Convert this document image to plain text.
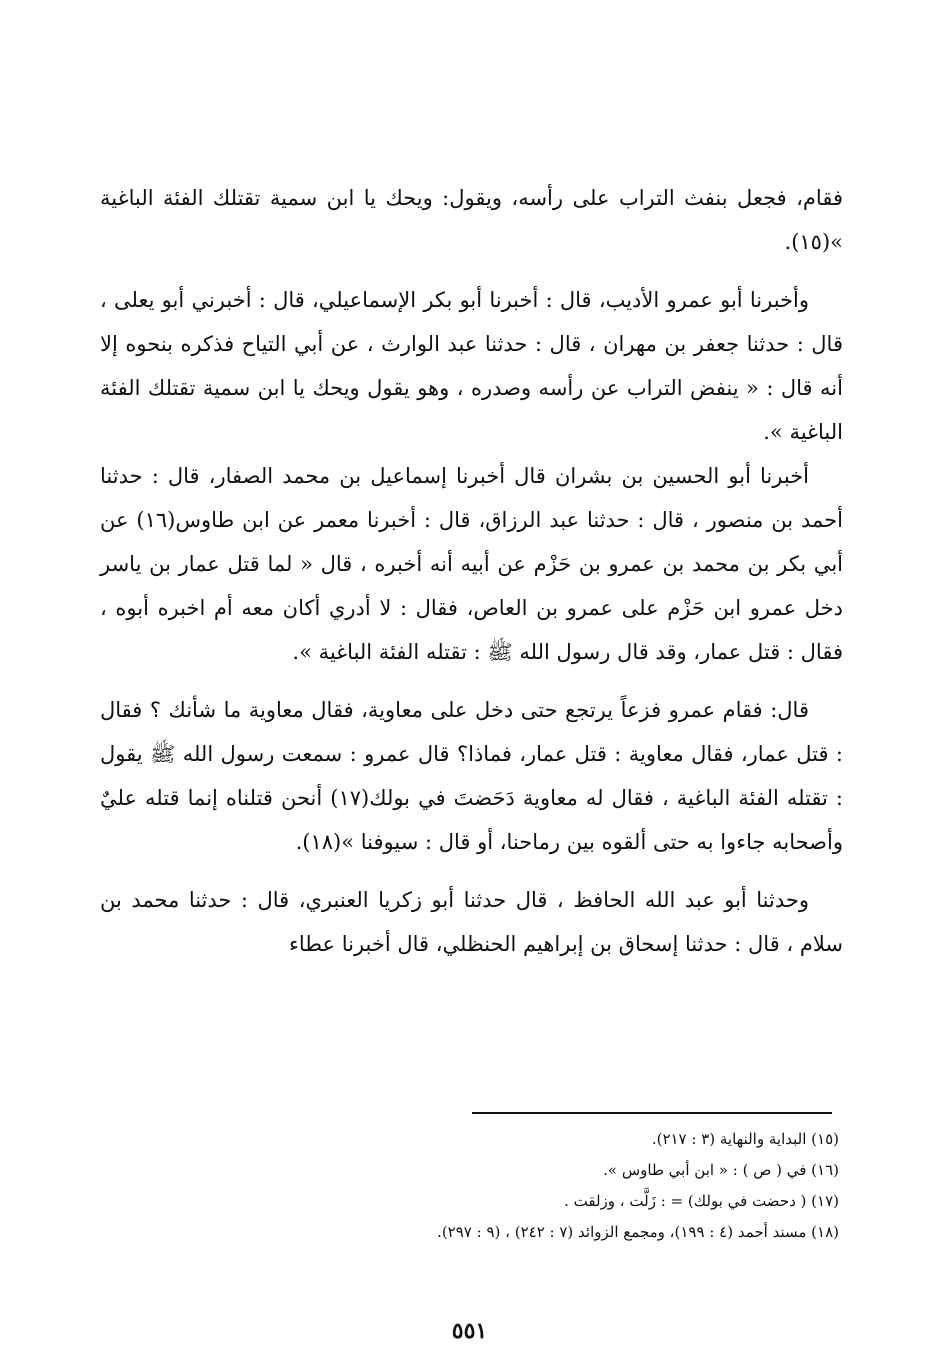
فقام، فجعل بنفث التراب على رأسه، ويقول: ويحك يا ابن سمية تقتلك الفئة الباغية »(١٥).

وأخبرنا أبو عمرو الأديب، قال : أخبرنا أبو بكر الإسماعيلي، قال : أخبرني أبو يعلى ، قال : حدثنا جعفر بن مهران ، قال : حدثنا عبد الوارث ، عن أبي التياح فذكره بنحوه إلا أنه قال : « ينفض التراب عن رأسه وصدره ، وهو يقول ويحك يا ابن سمية تقتلك الفئة الباغية ».

أخبرنا أبو الحسين بن بشران قال أخبرنا إسماعيل بن محمد الصفار، قال : حدثنا أحمد بن منصور ، قال : حدثنا عبد الرزاق، قال : أخبرنا معمر عن ابن طاوس(١٦) عن أبي بكر بن محمد بن عمرو بن حَزْم عن أبيه أنه أخبره ، قال « لما قتل عمار بن ياسر دخل عمرو ابن حَزْم على عمرو بن العاص، فقال : لا أدري أكان معه أم اخبره أبوه ، فقال : قتل عمار، وقد قال رسول الله ﷺ : تقتله الفئة الباغية ».

قال: فقام عمرو فزعاً يرتجع حتى دخل على معاوية، فقال معاوية ما شأنك ؟ فقال : قتل عمار، فقال معاوية : قتل عمار، فماذا؟ قال عمرو : سمعت رسول الله ﷺ يقول : تقتله الفئة الباغية ، فقال له معاوية دَحَضتَ في بولك(١٧) أنحن قتلناه إنما قتله عليٌ وأصحابه جاءوا به حتى ألقوه بين رماحنا، أو قال : سيوفنا »(١٨).

وحدثنا أبو عبد الله الحافظ ، قال حدثنا أبو زكريا العنبري، قال : حدثنا محمد بن سلام ، قال : حدثنا إسحاق بن إبراهيم الحنظلي، قال أخبرنا عطاء

(١٥) البداية والنهاية (٣ : ٢١٧).

(١٦) في ( ص ) : « ابن أبي طاوس ».

(١٧) ( دحضت في بولك) = : زَلَّت ، وزلقت .

(١٨) مسند أحمد (٤ : ١٩٩)، ومجمع الزوائد (٧ : ٢٤٢) ، (٩ : ٢٩٧).

٥٥١
